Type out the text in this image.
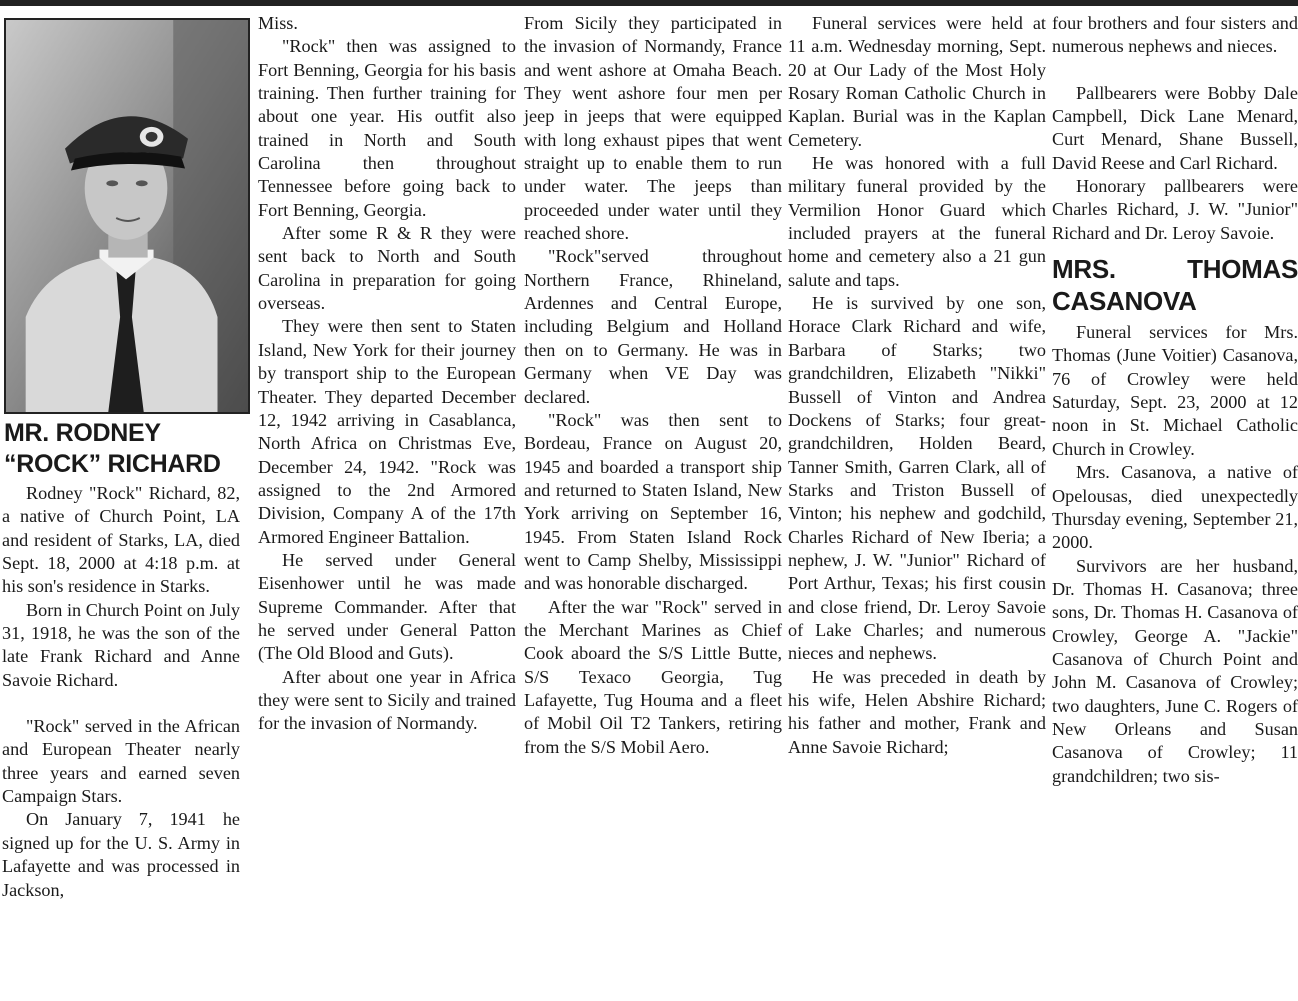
MR. RODNEY “ROCK” RICHARD

Rodney "Rock" Richard, 82, a native of Church Point, LA and resident of Starks, LA, died Sept. 18, 2000 at 4:18 p.m. at his son's residence in Starks.

Born in Church Point on July 31, 1918, he was the son of the late Frank Richard and Anne Savoie Richard.

"Rock" served in the African and European Theater nearly three years and earned seven Campaign Stars.

On January 7, 1941 he signed up for the U. S. Army in Lafayette and was processed in Jackson,

Miss.

"Rock" then was assigned to Fort Benning, Georgia for his basis training. Then further training for about one year. His outfit also trained in North and South Carolina then throughout Tennessee before going back to Fort Benning, Georgia.

After some R & R they were sent back to North and South Carolina in preparation for going overseas.

They were then sent to Staten Island, New York for their journey by transport ship to the European Theater. They departed December 12, 1942 arriving in Casablanca, North Africa on Christmas Eve, December 24, 1942. "Rock was assigned to the 2nd Armored Division, Company A of the 17th Armored Engineer Battalion.

He served under General Eisenhower until he was made Supreme Commander. After that he served under General Patton (The Old Blood and Guts).

After about one year in Africa they were sent to Sicily and trained for the invasion of Normandy.

From Sicily they participated in the invasion of Normandy, France and went ashore at Omaha Beach. They went ashore four men per jeep in jeeps that were equipped with long exhaust pipes that went straight up to enable them to run under water. The jeeps than proceeded under water until they reached shore.

"Rock"served throughout Northern France, Rhineland, Ardennes and Central Europe, including Belgium and Holland then on to Germany. He was in Germany when VE Day was declared.

"Rock" was then sent to Bordeau, France on August 20, 1945 and boarded a transport ship and returned to Staten Island, New York arriving on September 16, 1945. From Staten Island Rock went to Camp Shelby, Mississippi and was honorable discharged.

After the war "Rock" served in the Merchant Marines as Chief Cook aboard the S/S Little Butte, S/S Texaco Georgia, Tug Lafayette, Tug Houma and a fleet of Mobil Oil T2 Tankers, retiring from the S/S Mobil Aero.

Funeral services were held at 11 a.m. Wednesday morning, Sept. 20 at Our Lady of the Most Holy Rosary Roman Catholic Church in Kaplan. Burial was in the Kaplan Cemetery.

He was honored with a full military funeral provided by the Vermilion Honor Guard which included prayers at the funeral home and cemetery also a 21 gun salute and taps.

He is survived by one son, Horace Clark Richard and wife, Barbara of Starks; two grandchildren, Elizabeth "Nikki" Bussell of Vinton and Andrea Dockens of Starks; four great-grandchildren, Holden Beard, Tanner Smith, Garren Clark, all of Starks and Triston Bussell of Vinton; his nephew and godchild, Charles Richard of New Iberia; a nephew, J. W. "Junior" Richard of Port Arthur, Texas; his first cousin and close friend, Dr. Leroy Savoie of Lake Charles; and numerous nieces and nephews.

He was preceded in death by his wife, Helen Abshire Richard; his father and mother, Frank and Anne Savoie Richard;

four brothers and four sisters and numerous nephews and nieces.

Pallbearers were Bobby Dale Campbell, Dick Lane Menard, Curt Menard, Shane Bussell, David Reese and Carl Richard.

Honorary pallbearers were Charles Richard, J. W. "Junior" Richard and Dr. Leroy Savoie.

MRS. THOMAS CASANOVA

Funeral services for Mrs. Thomas (June Voitier) Casanova, 76 of Crowley were held Saturday, Sept. 23, 2000 at 12 noon in St. Michael Catholic Church in Crowley.

Mrs. Casanova, a native of Opelousas, died unexpectedly Thursday evening, September 21, 2000.

Survivors are her husband, Dr. Thomas H. Casanova; three sons, Dr. Thomas H. Casanova of Crowley, George A. "Jackie" Casanova of Church Point and John M. Casanova of Crowley; two daughters, June C. Rogers of New Orleans and Susan Casanova of Crowley; 11 grandchildren; two sis-
